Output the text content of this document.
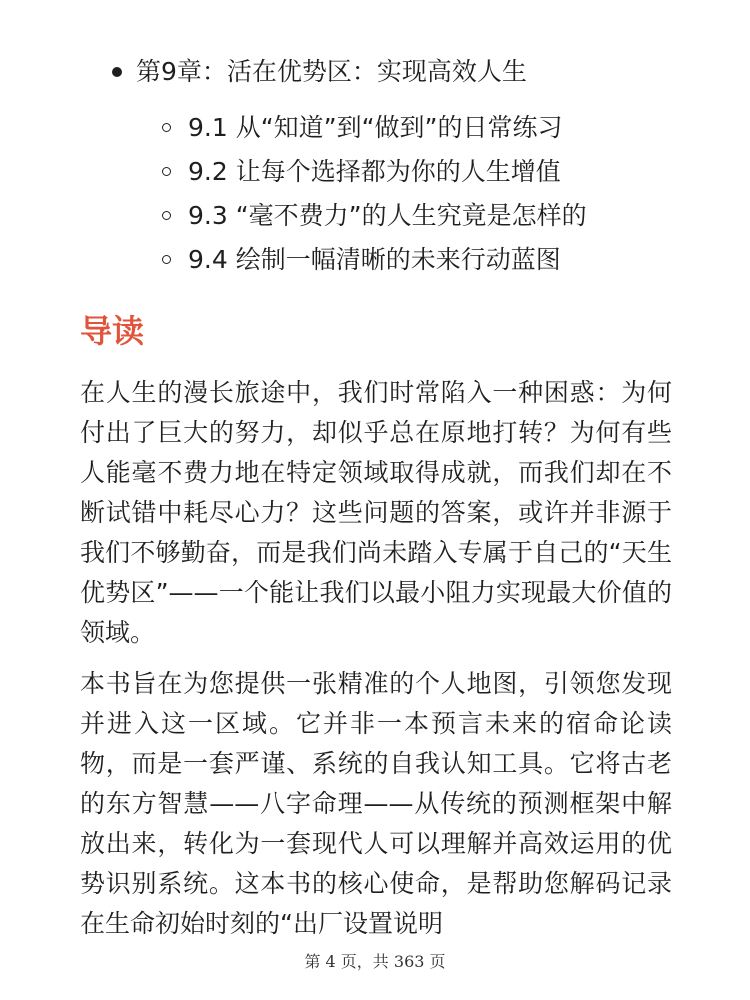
第9章：活在优势区：实现高效人生
9.1 从“知道”到“做到”的日常练习
9.2 让每个选择都为你的人生增值
9.3 “毫不费力”的人生究竟是怎样的
9.4 绘制一幅清晰的未来行动蓝图
导读

在人生的漫长旅途中，我们时常陷入一种困惑：为何付出了巨大的努力，却似乎总在原地打转？为何有些人能毫不费力地在特定领域取得成就，而我们却在不断试错中耗尽心力？这些问题的答案，或许并非源于我们不够勤奋，而是我们尚未踏入专属于自己的“天生优势区”——一个能让我们以最小阻力实现最大价值的领域。

本书旨在为您提供一张精准的个人地图，引领您发现并进入这一区域。它并非一本预言未来的宿命论读物，而是一套严谨、系统的自我认知工具。它将古老的东方智慧——八字命理——从传统的预测框架中解放出来，转化为一套现代人可以理解并高效运用的优势识别系统。这本书的核心使命，是帮助您解码记录在生命初始时刻的“出厂设置说明

第 4 页，共 363 页
